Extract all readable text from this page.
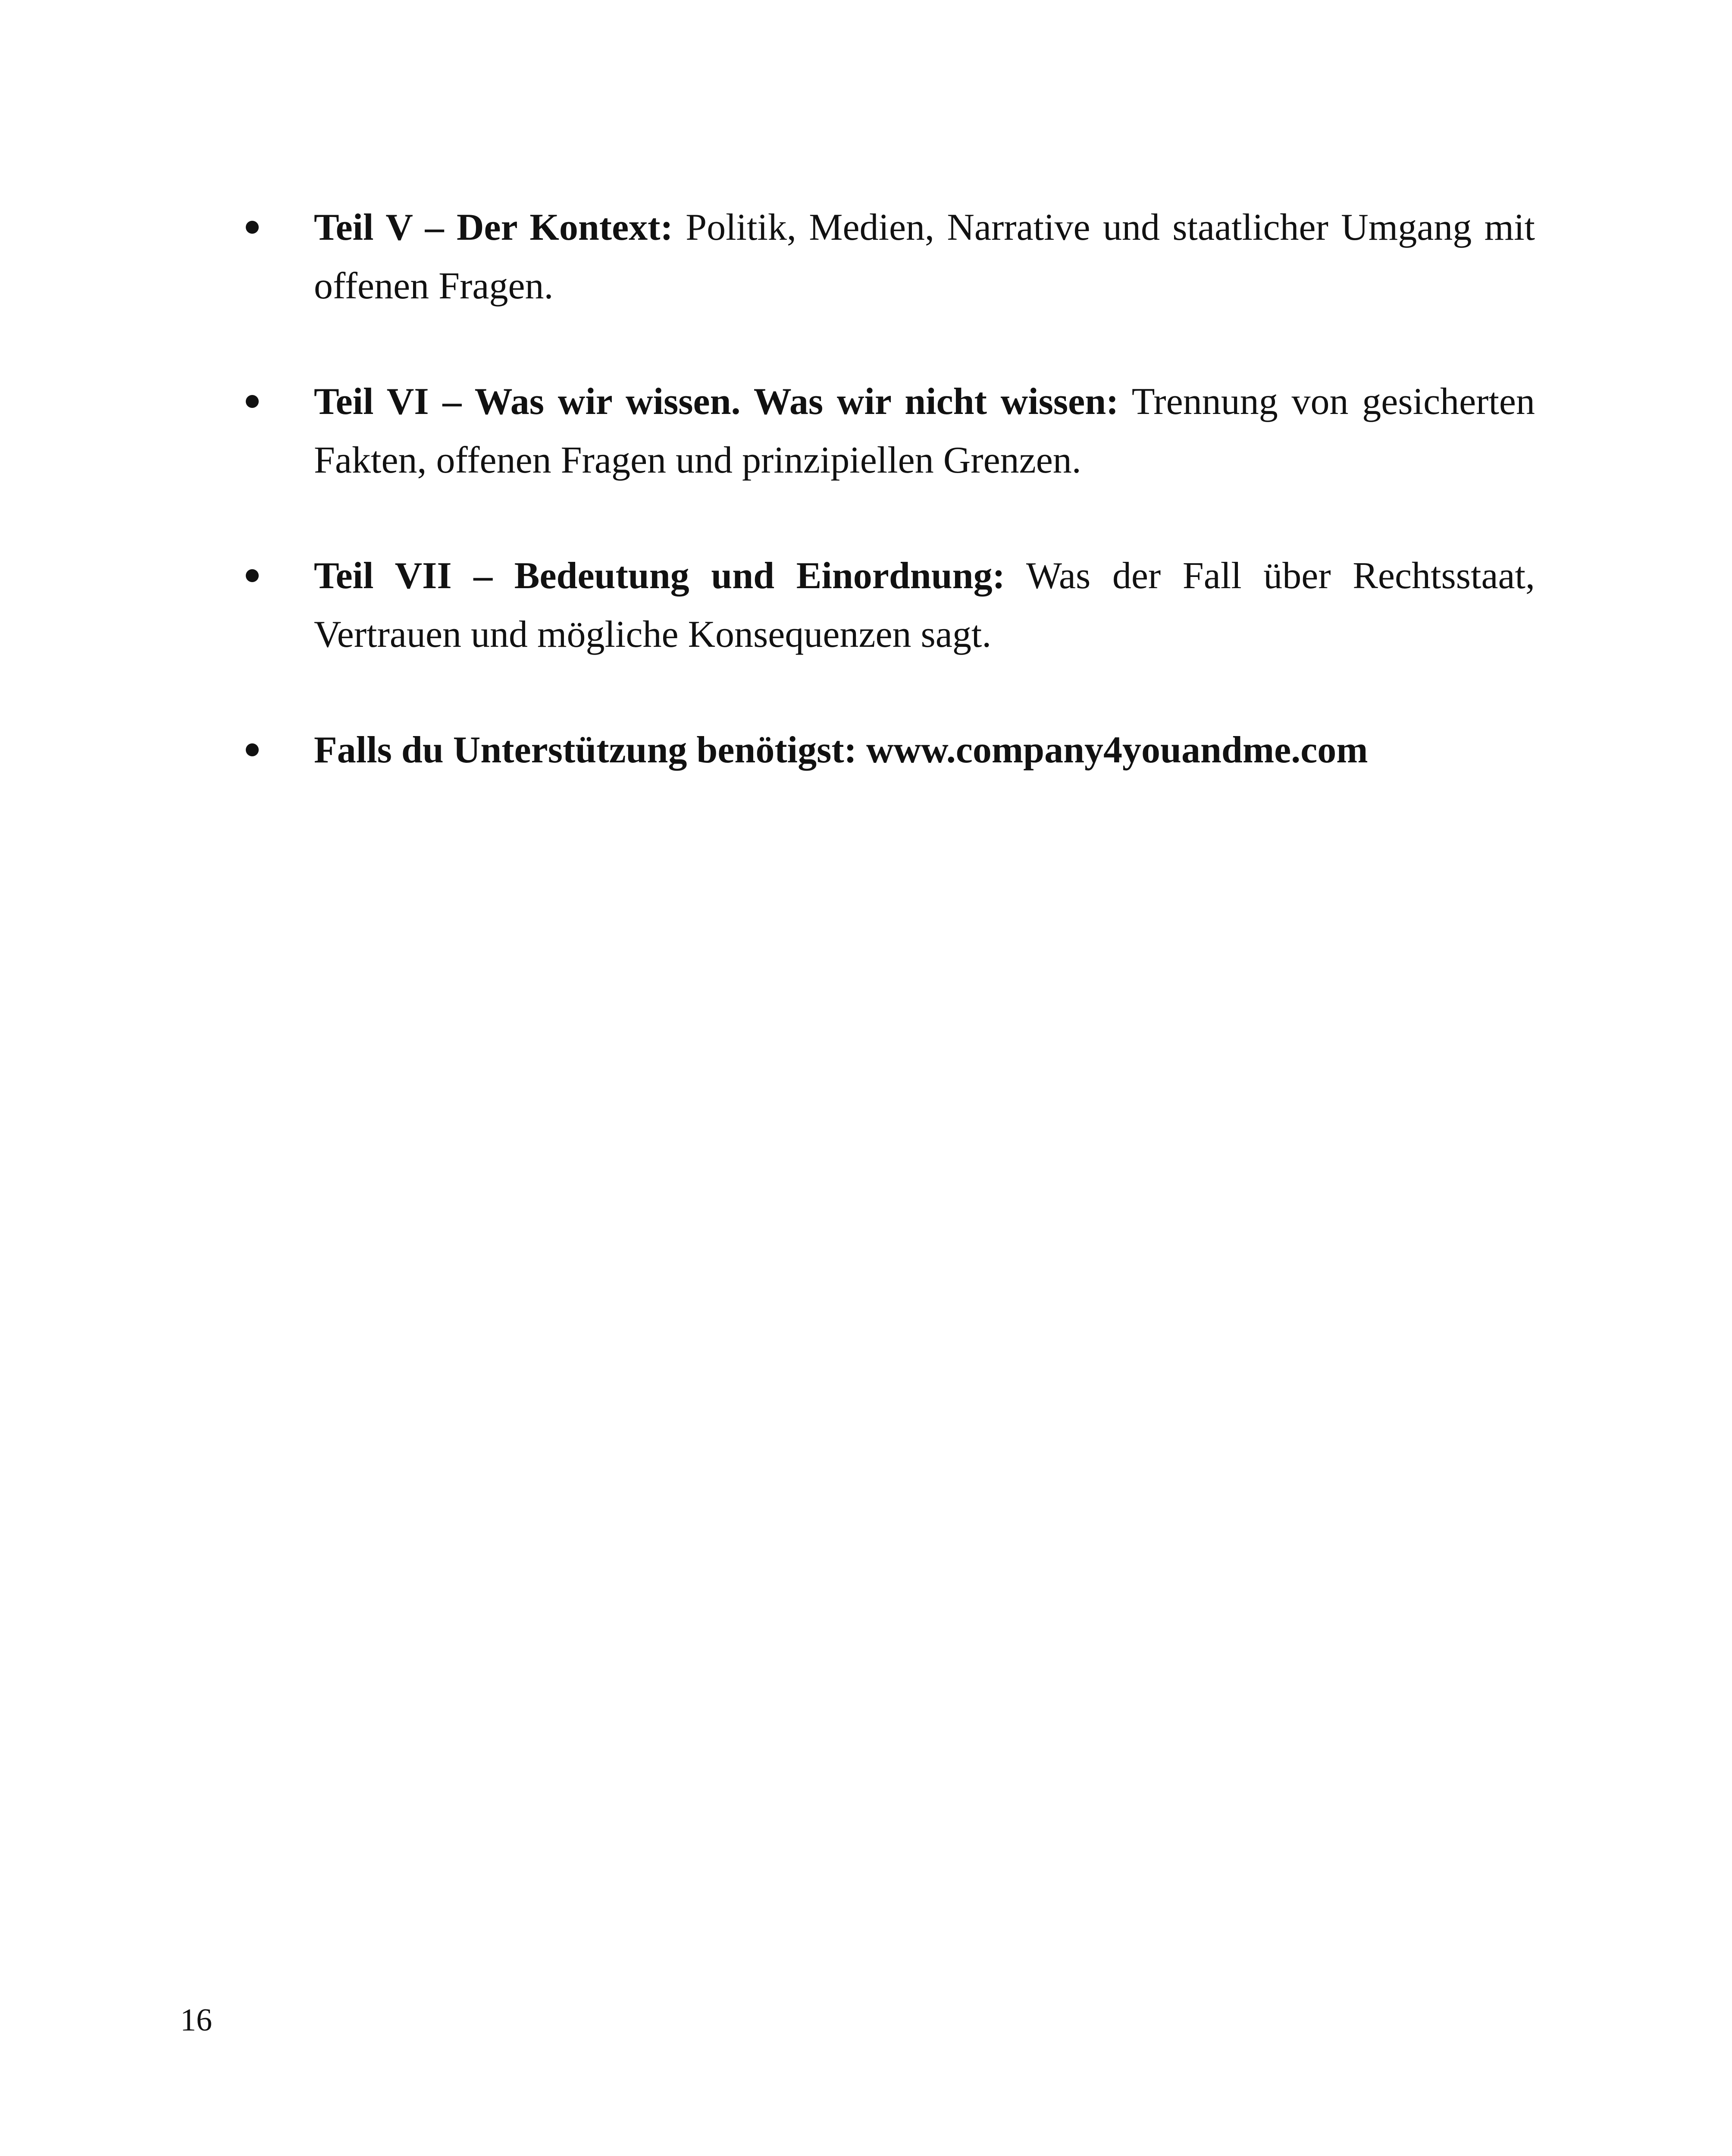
Teil V – Der Kontext: Politik, Medien, Narrative und staatlicher Umgang mit offenen Fragen.
Teil VI – Was wir wissen. Was wir nicht wissen: Trennung von gesicherten Fakten, offenen Fragen und prinzipiellen Grenzen.
Teil VII – Bedeutung und Einordnung: Was der Fall über Rechtsstaat, Vertrauen und mögliche Konsequenzen sagt.
Falls du Unterstützung benötigst: www.company4youandme.com
16
